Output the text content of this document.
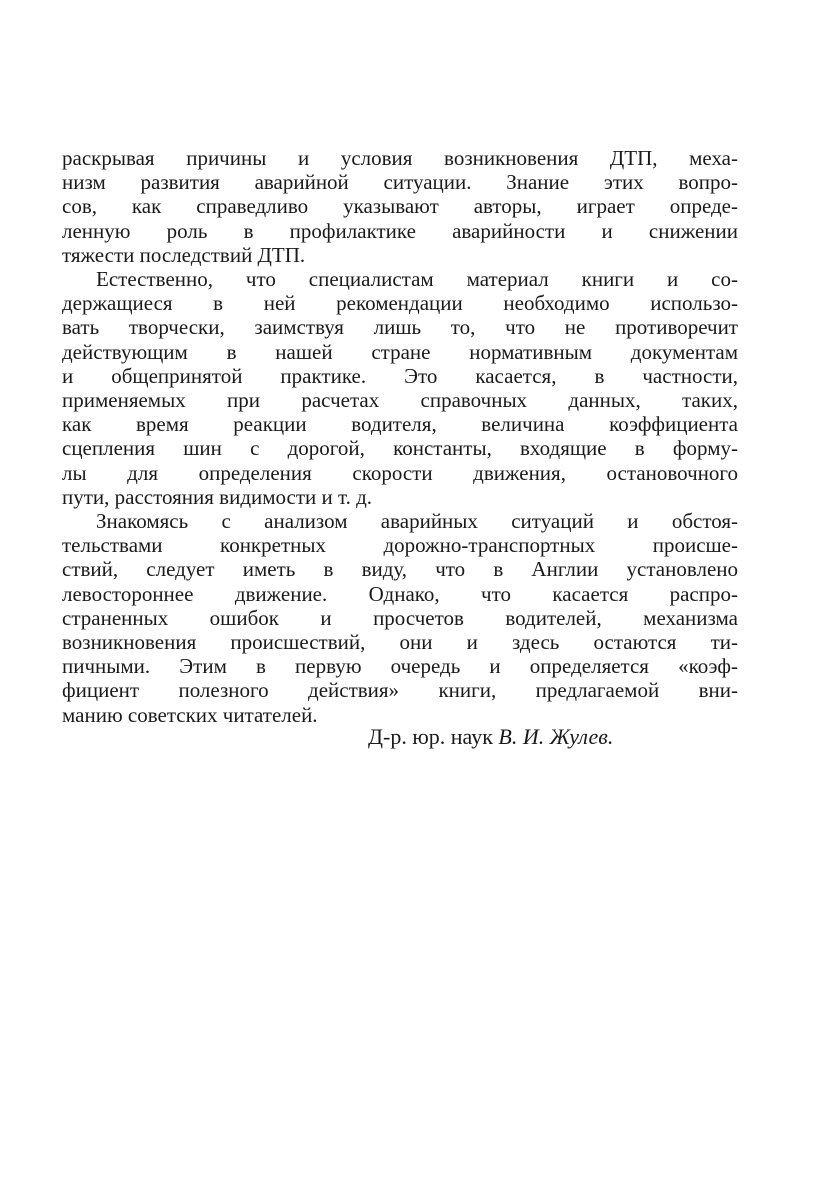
раскрывая причины и условия возникновения ДТП, меха-
низм развития аварийной ситуации. Знание этих вопро-
сов, как справедливо указывают авторы, играет опреде-
ленную роль в профилактике аварийности и снижении
тяжести последствий ДТП.

Естественно, что специалистам материал книги и со-
держащиеся в ней рекомендации необходимо использо-
вать творчески, заимствуя лишь то, что не противоречит
действующим в нашей стране нормативным документам
и общепринятой практике. Это касается, в частности,
применяемых при расчетах справочных данных, таких,
как время реакции водителя, величина коэффициента
сцепления шин с дорогой, константы, входящие в форму-
лы для определения скорости движения, остановочного
пути, расстояния видимости и т. д.

Знакомясь с анализом аварийных ситуаций и обстоя-
тельствами конкретных дорожно-транспортных происше-
ствий, следует иметь в виду, что в Англии установлено
левостороннее движение. Однако, что касается распро-
страненных ошибок и просчетов водителей, механизма
возникновения происшествий, они и здесь остаются ти-
пичными. Этим в первую очередь и определяется «коэф-
фициент полезного действия» книги, предлагаемой вни-
манию советских читателей.

Д-р. юр. наук В. И. Жулев.
